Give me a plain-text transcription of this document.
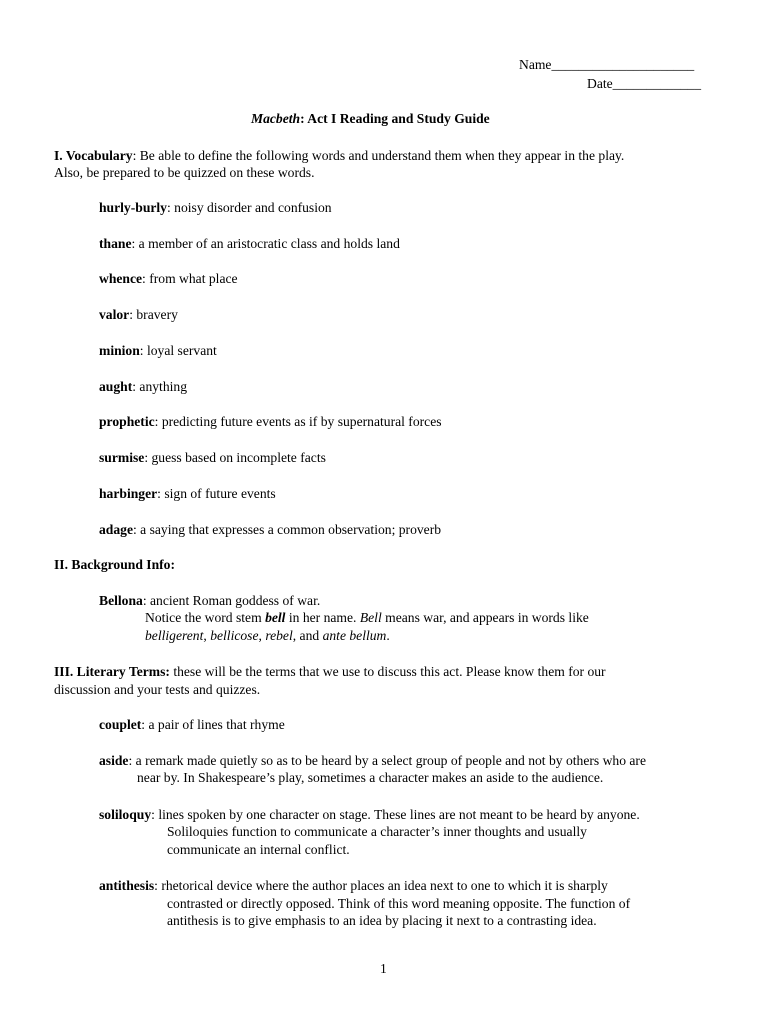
Name_____________________
Date_____________
Macbeth: Act I Reading and Study Guide
I. Vocabulary: Be able to define the following words and understand them when they appear in the play.
Also, be prepared to be quizzed on these words.
hurly-burly: noisy disorder and confusion
thane: a member of an aristocratic class and holds land
whence: from what place
valor: bravery
minion: loyal servant
aught: anything
prophetic: predicting future events as if by supernatural forces
surmise: guess based on incomplete facts
harbinger: sign of future events
adage: a saying that expresses a common observation; proverb
II. Background Info:
Bellona: ancient Roman goddess of war.
Notice the word stem bell in her name. Bell means war, and appears in words like
belligerent, bellicose, rebel, and ante bellum.
III. Literary Terms: these will be the terms that we use to discuss this act. Please know them for our
discussion and your tests and quizzes.
couplet: a pair of lines that rhyme
aside: a remark made quietly so as to be heard by a select group of people and not by others who are
near by. In Shakespeare’s play, sometimes a character makes an aside to the audience.
soliloquy: lines spoken by one character on stage. These lines are not meant to be heard by anyone.
Soliloquies function to communicate a character’s inner thoughts and usually
communicate an internal conflict.
antithesis: rhetorical device where the author places an idea next to one to which it is sharply
contrasted or directly opposed. Think of this word meaning opposite. The function of
antithesis is to give emphasis to an idea by placing it next to a contrasting idea.
1
